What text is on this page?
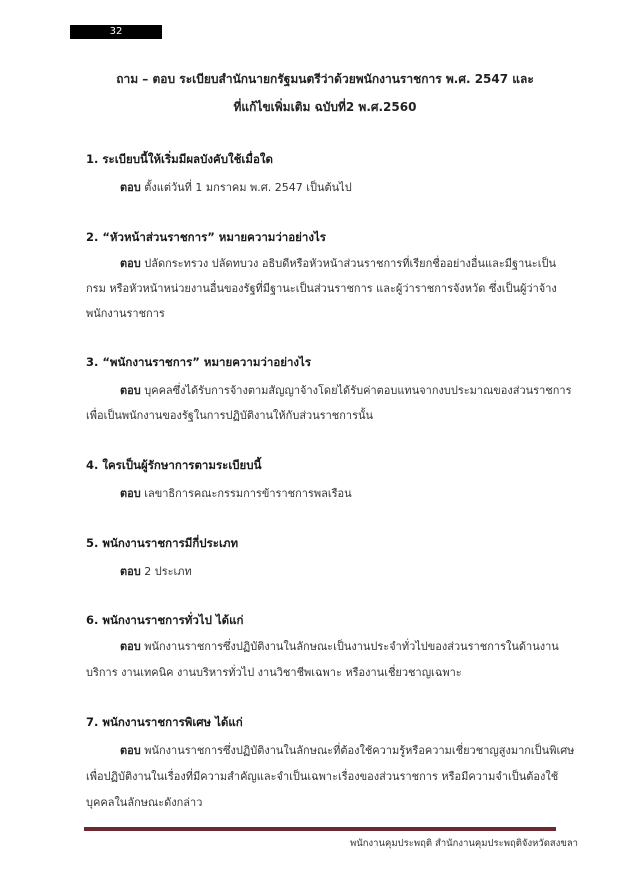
32
ถาม – ตอบ ระเบียบสำนักนายกรัฐมนตรีว่าด้วยพนักงานราชการ พ.ศ. 2547 และ
ที่แก้ไขเพิ่มเติม ฉบับที่2 พ.ศ.2560
1. ระเบียบนี้ให้เริ่มมีผลบังคับใช้เมื่อใด
ตอบ ตั้งแต่วันที่ 1 มกราคม พ.ศ. 2547 เป็นต้นไป
2. “หัวหน้าส่วนราชการ” หมายความว่าอย่างไร
ตอบ ปลัดกระทรวง ปลัดทบวง อธิบดีหรือหัวหน้าส่วนราชการที่เรียกชื่ออย่างอื่นและมีฐานะเป็น
กรม หรือหัวหน้าหน่วยงานอื่นของรัฐที่มีฐานะเป็นส่วนราชการ และผู้ว่าราชการจังหวัด ซึ่งเป็นผู้ว่าจ้าง
พนักงานราชการ
3. “พนักงานราชการ” หมายความว่าอย่างไร
ตอบ บุคคลซึ่งได้รับการจ้างตามสัญญาจ้างโดยได้รับค่าตอบแทนจากงบประมาณของส่วนราชการ
เพื่อเป็นพนักงานของรัฐในการปฏิบัติงานให้กับส่วนราชการนั้น
4. ใครเป็นผู้รักษาการตามระเบียบนี้
ตอบ เลขาธิการคณะกรรมการข้าราชการพลเรือน
5. พนักงานราชการมีกี่ประเภท
ตอบ 2 ประเภท
6. พนักงานราชการทั่วไป ได้แก่
ตอบ พนักงานราชการซึ่งปฏิบัติงานในลักษณะเป็นงานประจำทั่วไปของส่วนราชการในด้านงาน
บริการ งานเทคนิค งานบริหารทั่วไป งานวิชาชีพเฉพาะ หรืองานเชี่ยวชาญเฉพาะ
7. พนักงานราชการพิเศษ ได้แก่
ตอบ พนักงานราชการซึ่งปฏิบัติงานในลักษณะที่ต้องใช้ความรู้หรือความเชี่ยวชาญสูงมากเป็นพิเศษ
เพื่อปฏิบัติงานในเรื่องที่มีความสำคัญและจำเป็นเฉพาะเรื่องของส่วนราชการ หรือมีความจำเป็นต้องใช้
บุคคลในลักษณะดังกล่าว
พนักงานคุมประพฤติ สำนักงานคุมประพฤติจังหวัดสงขลา
